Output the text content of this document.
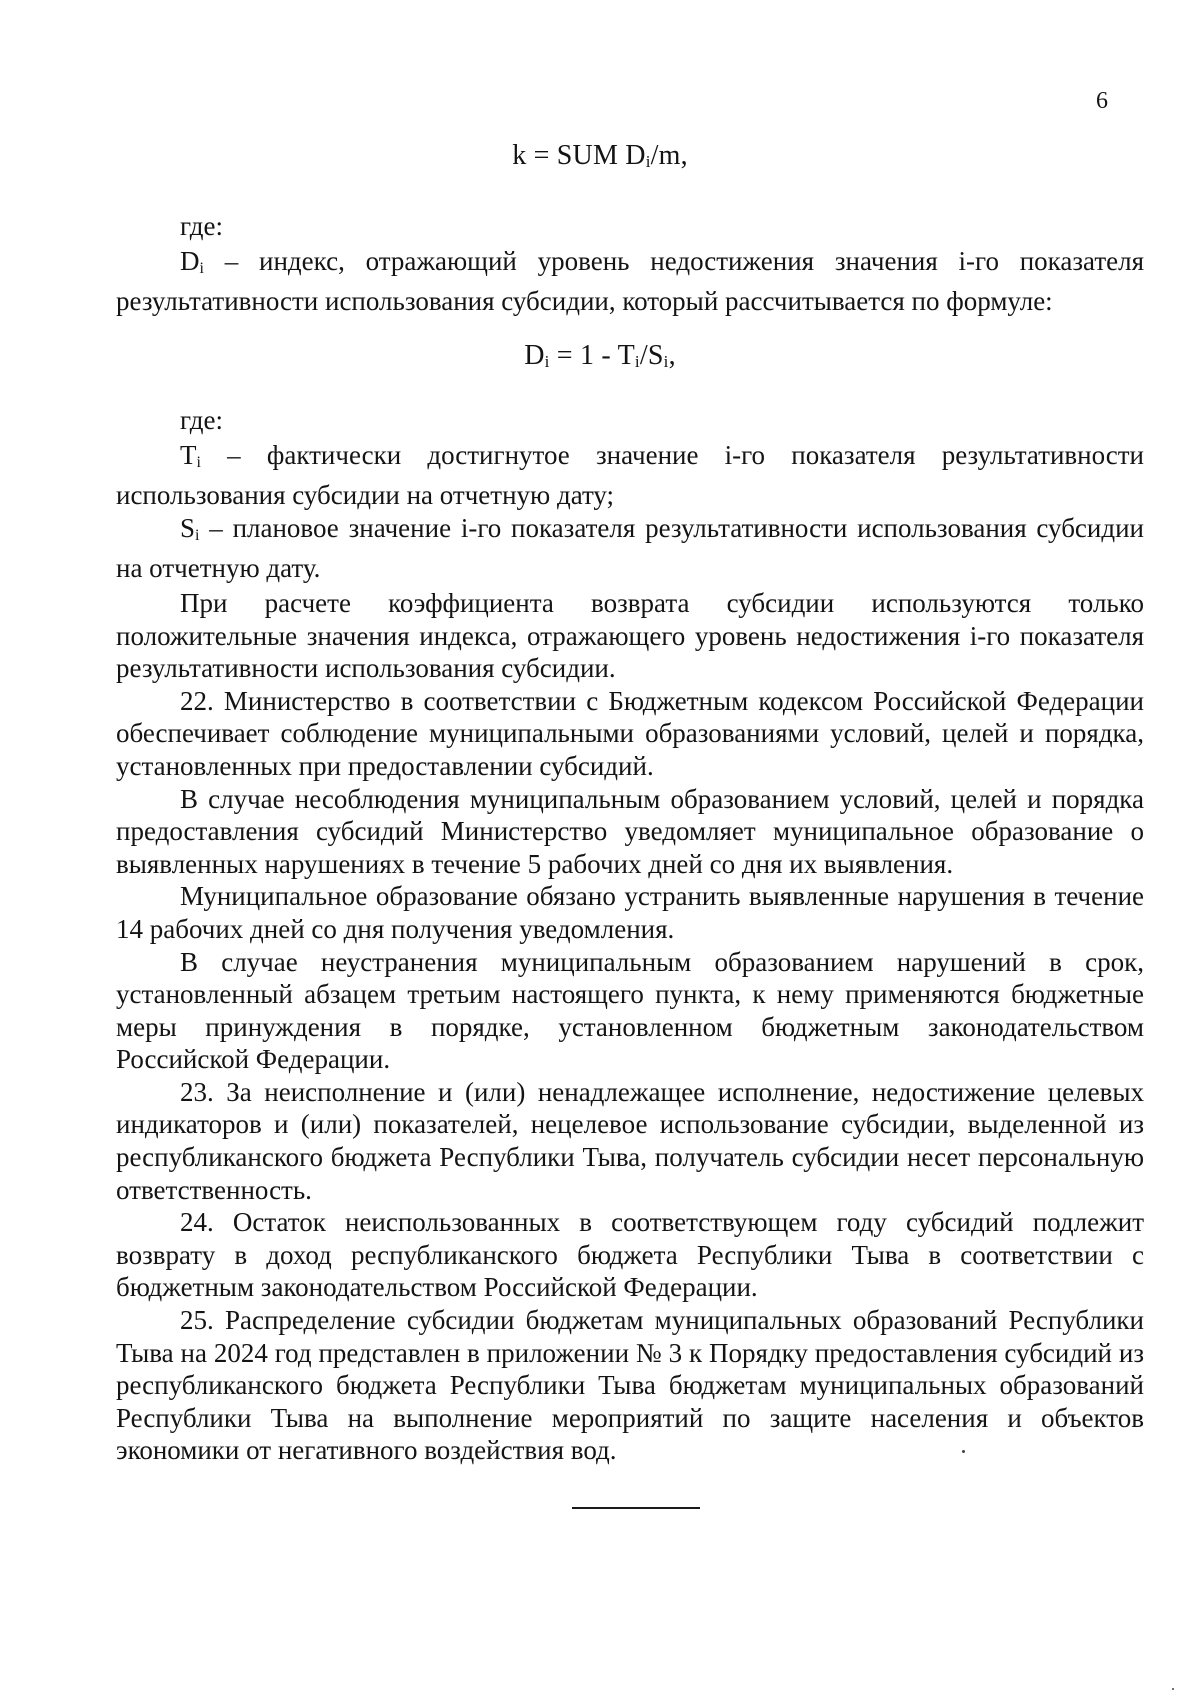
6
k = SUM $D_i/m$,

где:

$D_i$ – индекс, отражающий уровень недостижения значения i-го показателя результативности использования субсидии, который рассчитывается по формуле:

$D_i = 1 - T_i/S_i$,

где:

$T_i$ – фактически достигнутое значение i-го показателя результативности использования субсидии на отчетную дату;

$S_i$ – плановое значение i-го показателя результативности использования субсидии на отчетную дату.

При расчете коэффициента возврата субсидии используются только положительные значения индекса, отражающего уровень недостижения i-го показателя результативности использования субсидии.

22. Министерство в соответствии с Бюджетным кодексом Российской Федерации обеспечивает соблюдение муниципальными образованиями условий, целей и порядка, установленных при предоставлении субсидий.

В случае несоблюдения муниципальным образованием условий, целей и порядка предоставления субсидий Министерство уведомляет муниципальное образование о выявленных нарушениях в течение 5 рабочих дней со дня их выявления.

Муниципальное образование обязано устранить выявленные нарушения в течение 14 рабочих дней со дня получения уведомления.

В случае неустранения муниципальным образованием нарушений в срок, установленный абзацем третьим настоящего пункта, к нему применяются бюджетные меры принуждения в порядке, установленном бюджетным законодательством Российской Федерации.

23. За неисполнение и (или) ненадлежащее исполнение, недостижение целевых индикаторов и (или) показателей, нецелевое использование субсидии, выделенной из республиканского бюджета Республики Тыва, получатель субсидии несет персональную ответственность.

24. Остаток неиспользованных в соответствующем году субсидий подлежит возврату в доход республиканского бюджета Республики Тыва в соответствии с бюджетным законодательством Российской Федерации.

25. Распределение субсидии бюджетам муниципальных образований Республики Тыва на 2024 год представлен в приложении № 3 к Порядку предоставления субсидий из республиканского бюджета Республики Тыва бюджетам муниципальных образований Республики Тыва на выполнение мероприятий по защите населения и объектов экономики от негативного воздействия вод.
